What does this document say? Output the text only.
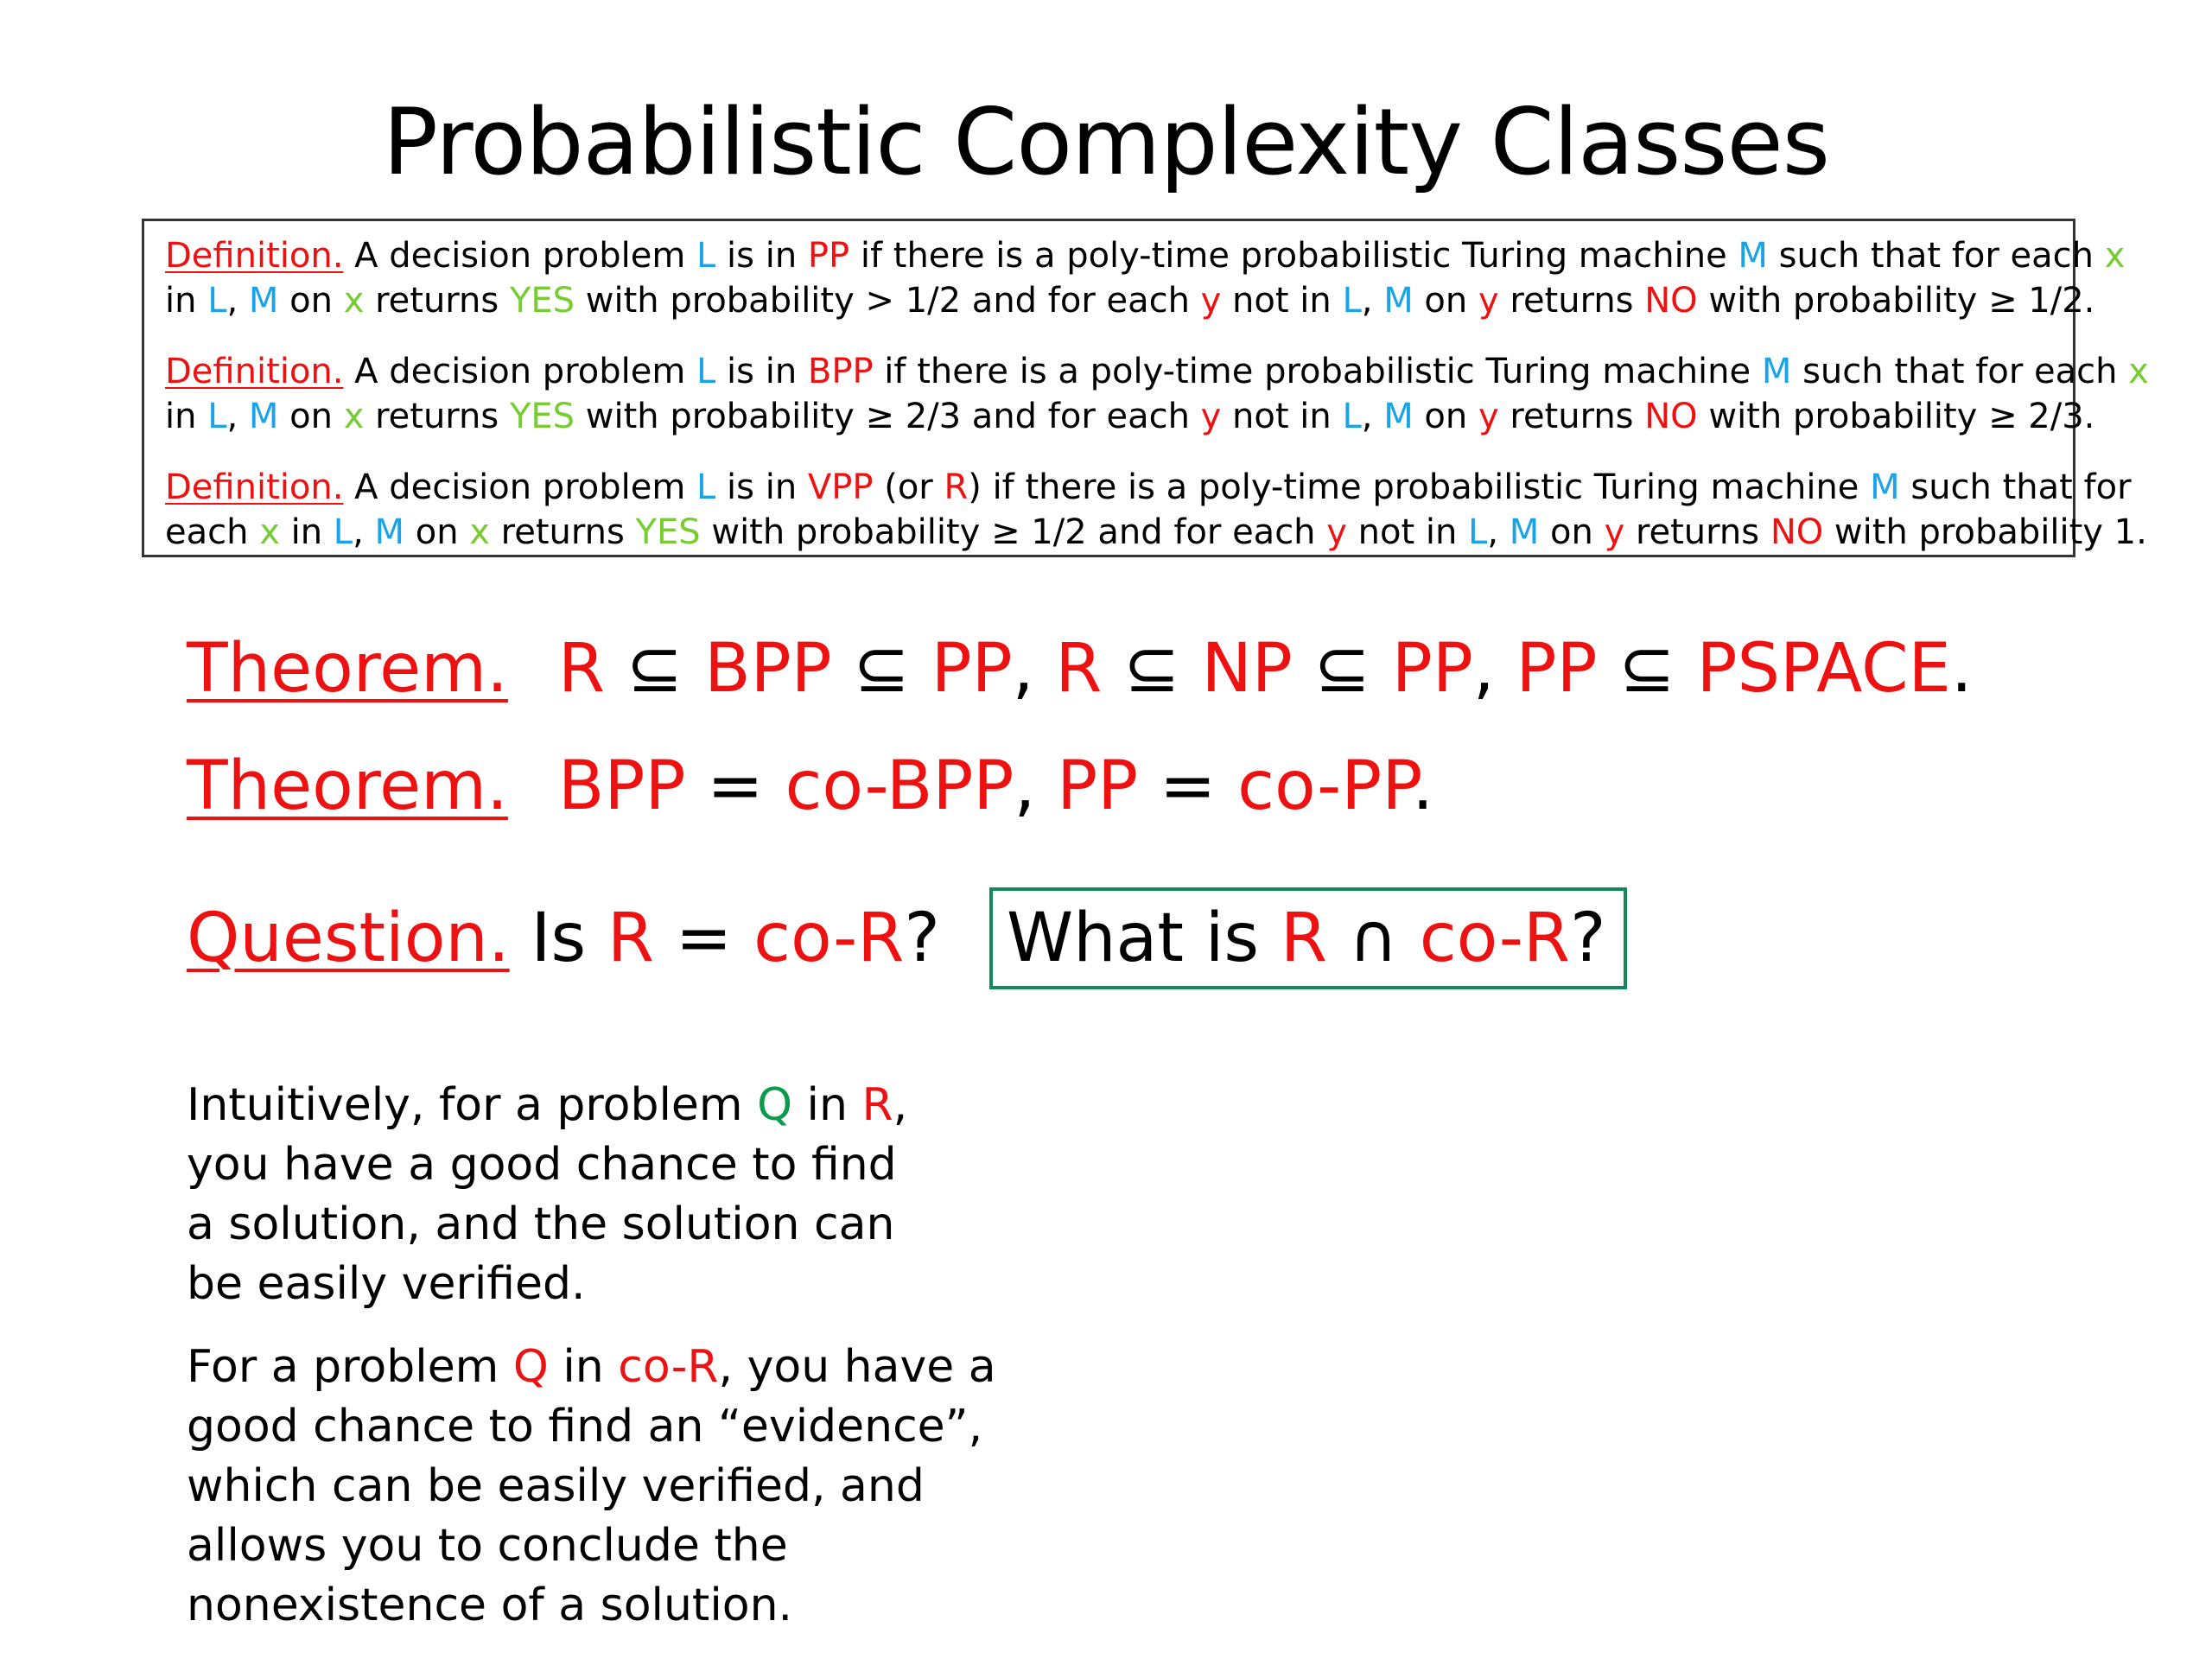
Probabilistic Complexity Classes

Definition. A decision problem L is in PP if there is a poly-time probabilistic Turing machine M such that for each x
in L, M on x returns YES with probability > 1/2 and for each y not in L, M on y returns NO with probability ≥ 1/2.

Definition. A decision problem L is in BPP if there is a poly-time probabilistic Turing machine M such that for each x
in L, M on x returns YES with probability ≥ 2/3 and for each y not in L, M on y returns NO with probability ≥ 2/3.

Definition. A decision problem L is in VPP (or R) if there is a poly-time probabilistic Turing machine M such that for
each x in L, M on x returns YES with probability ≥ 1/2 and for each y not in L, M on y returns NO with probability 1.

Theorem. R ⊆ BPP ⊆ PP, R ⊆ NP ⊆ PP, PP ⊆ PSPACE.
Theorem. BPP = co-BPP, PP = co-PP.
Question. Is R = co-R? What is R ∩ co-R?
Intuitively, for a problem Q in R,
you have a good chance to find
a solution, and the solution can
be easily verified.
For a problem Q in co-R, you have a
good chance to find an “evidence”,
which can be easily verified, and
allows you to conclude the
nonexistence of a solution.
